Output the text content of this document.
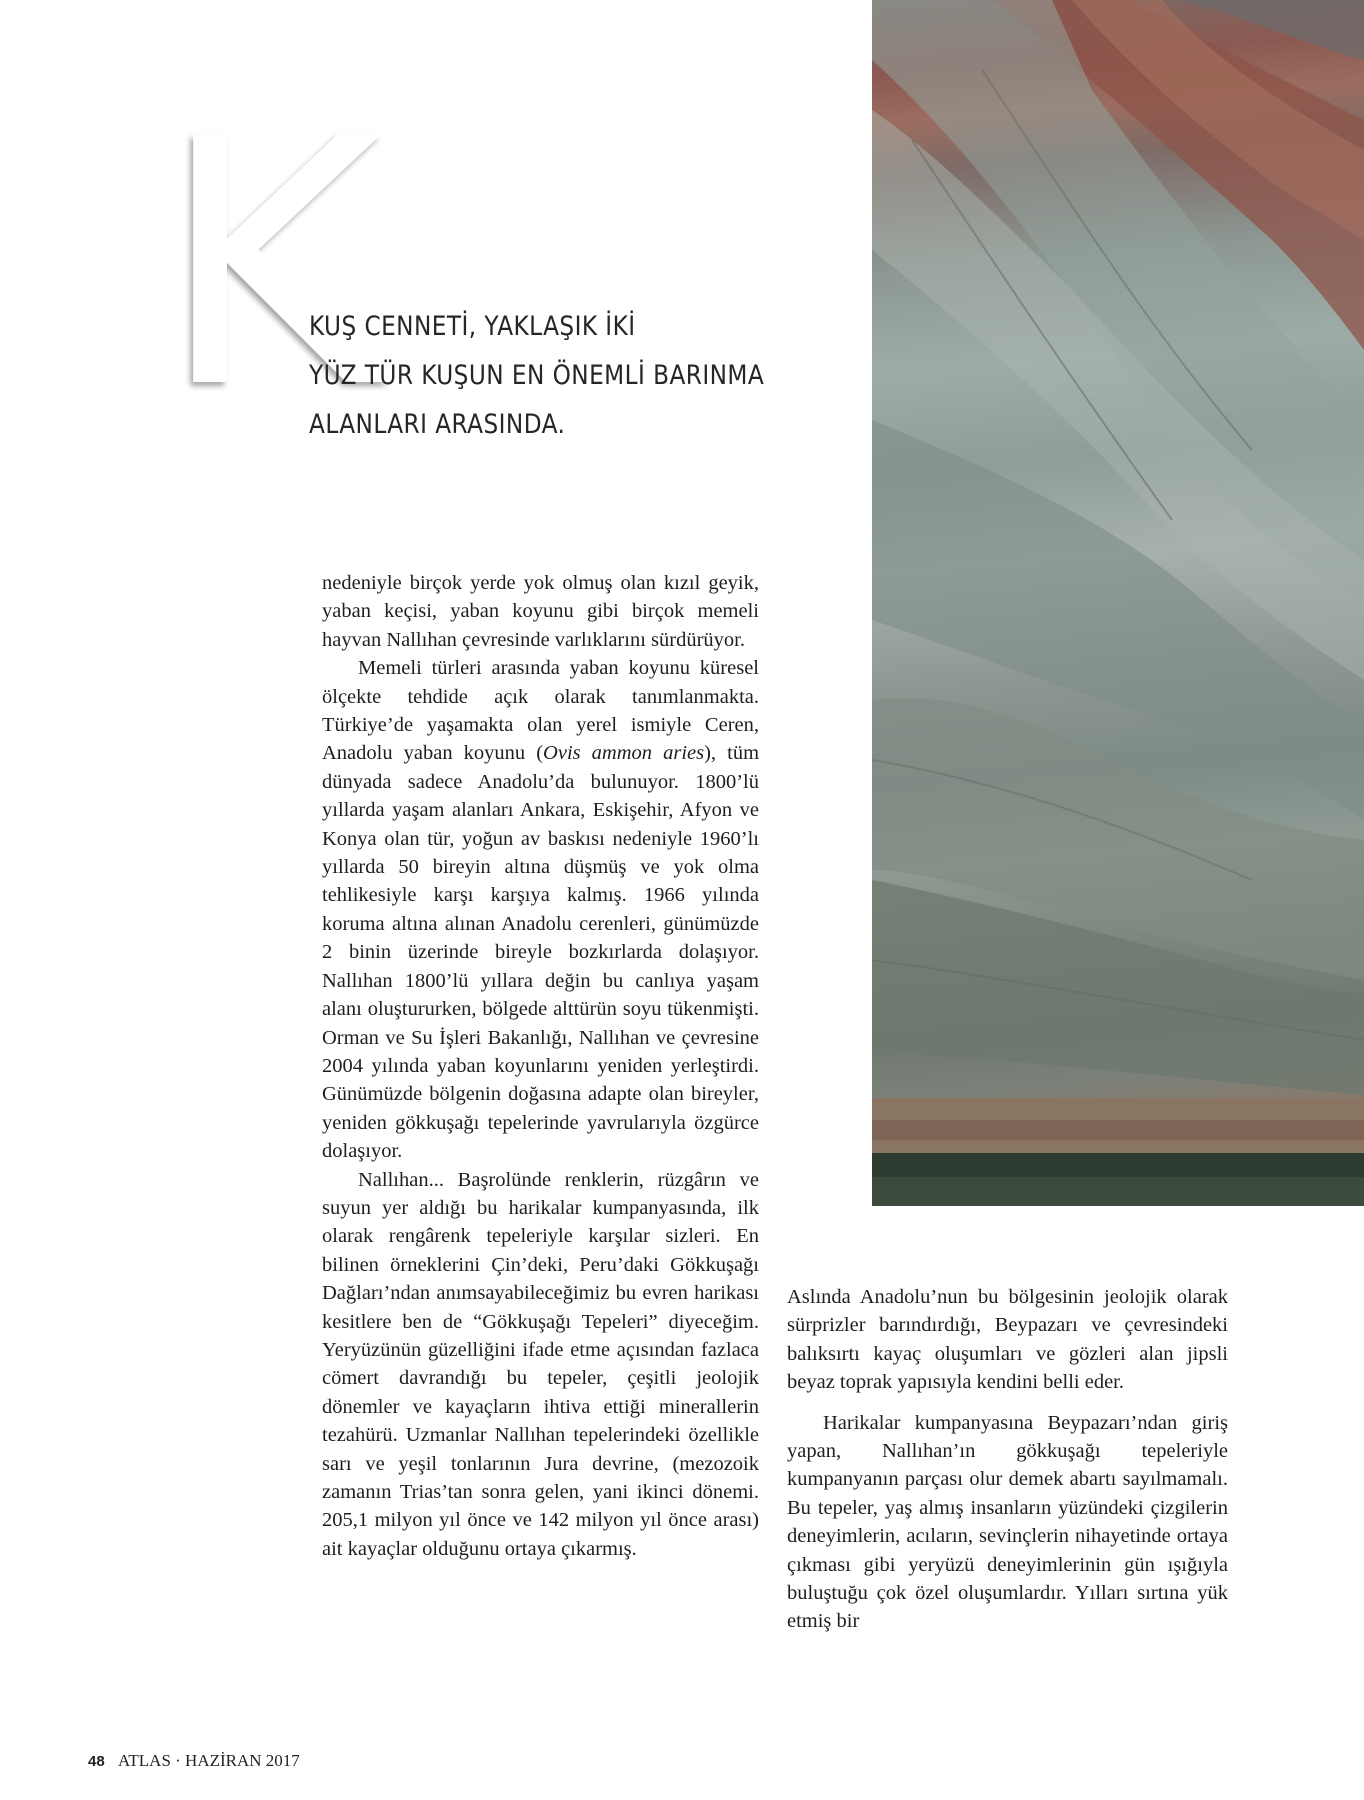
K
KUŞ CENNETİ, YAKLAŞIK İKİ
YÜZ TÜR KUŞUN EN ÖNEMLİ BARINMA
ALANLARI ARASINDA.

nedeniyle birçok yerde yok olmuş olan kızıl geyik, yaban keçisi, yaban koyunu gibi birçok memeli hayvan Nallıhan çevresinde varlıklarını sürdürüyor.

Memeli türleri arasında yaban koyunu küresel ölçekte tehdide açık olarak tanımlanmakta. Türkiye’de yaşamakta olan yerel ismiyle Ceren, Anadolu yaban koyunu (Ovis ammon aries), tüm dünyada sadece Anadolu’da bulunuyor. 1800’lü yıllarda yaşam alanları Ankara, Eskişehir, Afyon ve Konya olan tür, yoğun av baskısı nedeniyle 1960’lı yıllarda 50 bireyin altına düşmüş ve yok olma tehlikesiyle karşı karşıya kalmış. 1966 yılında koruma altına alınan Anadolu cerenleri, günümüzde 2 binin üzerinde bireyle bozkırlarda dolaşıyor. Nallıhan 1800’lü yıllara değin bu canlıya yaşam alanı oluştururken, bölgede alttürün soyu tükenmişti. Orman ve Su İşleri Bakanlığı, Nallıhan ve çevresine 2004 yılında yaban koyunlarını yeniden yerleştirdi. Günümüzde bölgenin doğasına adapte olan bireyler, yeniden gökkuşağı tepelerinde yavrularıyla özgürce dolaşıyor.

Nallıhan... Başrolünde renklerin, rüzgârın ve suyun yer aldığı bu harikalar kumpanyasında, ilk olarak rengârenk tepeleriyle karşılar sizleri. En bilinen örneklerini Çin’deki, Peru’daki Gökkuşağı Dağları’ndan anımsayabileceğimiz bu evren harikası kesitlere ben de “Gökkuşağı Tepeleri” diyeceğim. Yeryüzünün güzelliğini ifade etme açısından fazlaca cömert davrandığı bu tepeler, çeşitli jeolojik dönemler ve kayaçların ihtiva ettiği minerallerin tezahürü. Uzmanlar Nallıhan tepelerindeki özellikle sarı ve yeşil tonlarının Jura devrine, (mezozoik zamanın Trias’tan sonra gelen, yani ikinci dönemi. 205,1 milyon yıl önce ve 142 milyon yıl önce arası) ait kayaçlar olduğunu ortaya çıkarmış.

Aslında Anadolu’nun bu bölgesinin jeolojik olarak sürprizler barındırdığı, Beypazarı ve çevresindeki balıksırtı kayaç oluşumları ve gözleri alan jipsli beyaz toprak yapısıyla kendini belli eder.

Harikalar kumpanyasına Beypazarı’ndan giriş yapan, Nallıhan’ın gökkuşağı tepeleriyle kumpanyanın parçası olur demek abartı sayılmamalı. Bu tepeler, yaş almış insanların yüzündeki çizgilerin deneyimlerin, acıların, sevinçlerin nihayetinde ortaya çıkması gibi yeryüzü deneyimlerinin gün ışığıyla buluştuğu çok özel oluşumlardır. Yılları sırtına yük etmiş bir

48 ATLAS · HAZİRAN 2017
